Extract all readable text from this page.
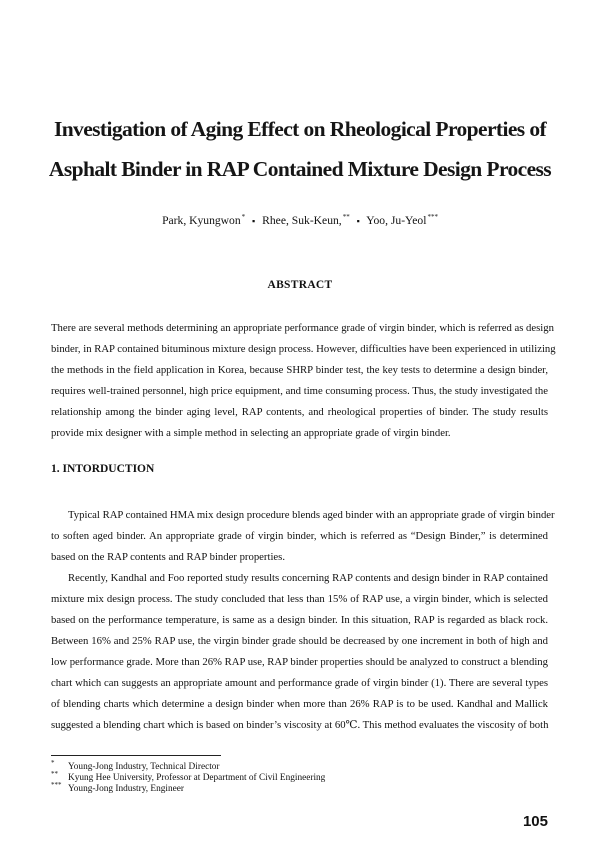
Investigation of Aging Effect on Rheological Properties of
Asphalt Binder in RAP Contained Mixture Design Process
Park, Kyungwon* ▪ Rhee, Suk-Keun,** ▪ Yoo, Ju-Yeol***
ABSTRACT
There are several methods determining an appropriate performance grade of virgin binder, which is referred as design
binder, in RAP contained bituminous mixture design process. However, difficulties have been experienced in utilizing
the methods in the field application in Korea, because SHRP binder test, the key tests to determine a design binder,
requires well-trained personnel, high price equipment, and time consuming process. Thus, the study investigated the
relationship among the binder aging level, RAP contents, and rheological properties of binder. The study results
provide mix designer with a simple method in selecting an appropriate grade of virgin binder.
1. INTORDUCTION
Typical RAP contained HMA mix design procedure blends aged binder with an appropriate grade of virgin binder
to soften aged binder. An appropriate grade of virgin binder, which is referred as “Design Binder,” is determined
based on the RAP contents and RAP binder properties.
Recently, Kandhal and Foo reported study results concerning RAP contents and design binder in RAP contained
mixture mix design process. The study concluded that less than 15% of RAP use, a virgin binder, which is selected
based on the performance temperature, is same as a design binder. In this situation, RAP is regarded as black rock.
Between 16% and 25% RAP use, the virgin binder grade should be decreased by one increment in both of high and
low performance grade. More than 26% RAP use, RAP binder properties should be analyzed to construct a blending
chart which can suggests an appropriate amount and performance grade of virgin binder (1). There are several types
of blending charts which determine a design binder when more than 26% RAP is to be used. Kandhal and Mallick
suggested a blending chart which is based on binder’s viscosity at 60℃. This method evaluates the viscosity of both
* Young-Jong Industry, Technical Director
** Kyung Hee University, Professor at Department of Civil Engineering
*** Young-Jong Industry, Engineer
105
